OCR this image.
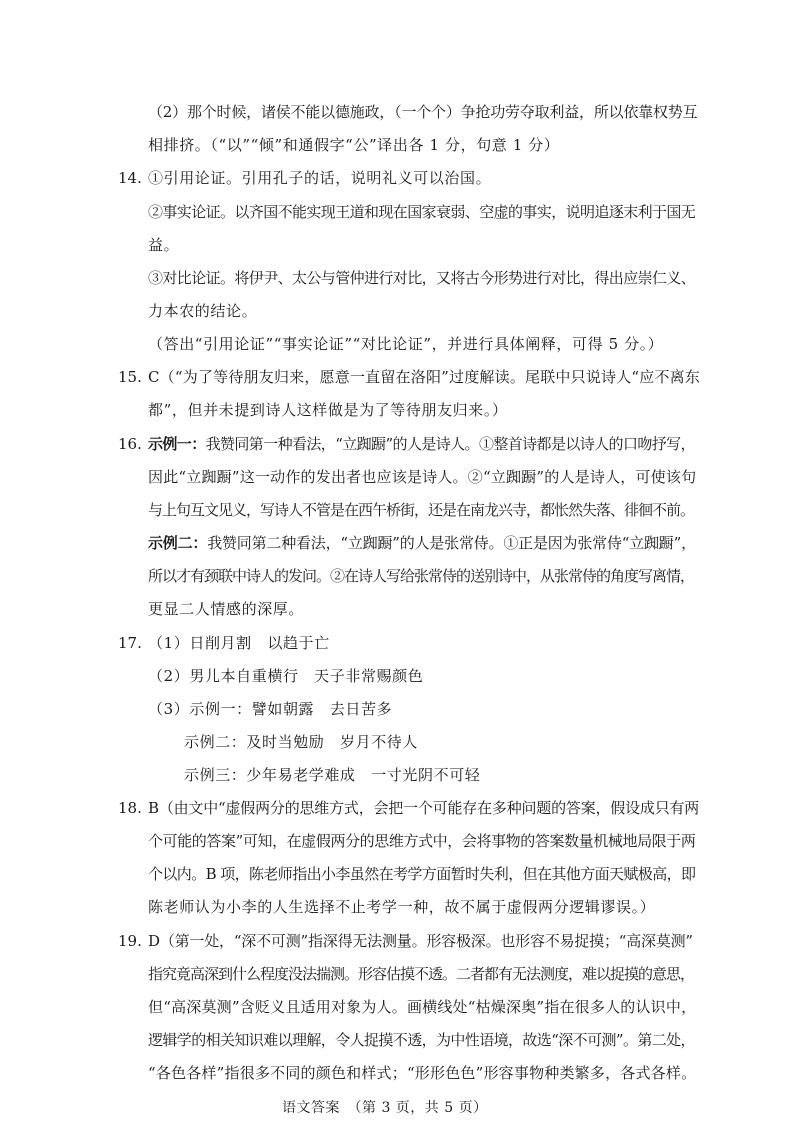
（2）那个时候，诸侯不能以德施政，（一个个）争抢功劳夺取利益，所以依靠权势互
相排挤。（“以”“倾”和通假字“公”译出各 1 分，句意 1 分）
14. ①引用论证。引用孔子的话，说明礼义可以治国。
②事实论证。以齐国不能实现王道和现在国家衰弱、空虚的事实，说明追逐末利于国无
益。
③对比论证。将伊尹、太公与管仲进行对比，又将古今形势进行对比，得出应崇仁义、
力本农的结论。
（答出“引用论证”“事实论证”“对比论证”，并进行具体阐释，可得 5 分。）
15. C（“为了等待朋友归来，愿意一直留在洛阳”过度解读。尾联中只说诗人“应不离东
都”，但并未提到诗人这样做是为了等待朋友归来。）
16. 示例一：我赞同第一种看法，“立踟蹰”的人是诗人。①整首诗都是以诗人的口吻抒写，
因此“立踟蹰”这一动作的发出者也应该是诗人。②“立踟蹰”的人是诗人，可使该句
与上句互文见义，写诗人不管是在西午桥街，还是在南龙兴寺，都怅然失落、徘徊不前。
示例二：我赞同第二种看法，“立踟蹰”的人是张常侍。①正是因为张常侍“立踟蹰”，
所以才有颈联中诗人的发问。②在诗人写给张常侍的送别诗中，从张常侍的角度写离情，
更显二人情感的深厚。
17. （1）日削月割　以趋于亡
（2）男儿本自重横行　天子非常赐颜色
（3）示例一：譬如朝露　去日苦多
示例二：及时当勉励　岁月不待人
示例三：少年易老学难成　一寸光阴不可轻
18. B（由文中“虚假两分的思维方式，会把一个可能存在多种问题的答案，假设成只有两
个可能的答案”可知，在虚假两分的思维方式中，会将事物的答案数量机械地局限于两
个以内。B 项，陈老师指出小李虽然在考学方面暂时失利，但在其他方面天赋极高，即
陈老师认为小李的人生选择不止考学一种，故不属于虚假两分逻辑谬误。）
19. D（第一处，“深不可测”指深得无法测量。形容极深。也形容不易捉摸；“高深莫测”
指究竟高深到什么程度没法揣测。形容估摸不透。二者都有无法测度，难以捉摸的意思，
但“高深莫测”含贬义且适用对象为人。画横线处“枯燥深奥”指在很多人的认识中，
逻辑学的相关知识难以理解，令人捉摸不透，为中性语境，故选“深不可测”。第二处，
“各色各样”指很多不同的颜色和样式；“形形色色”形容事物种类繁多，各式各样。
语文答案　（第 3 页，共 5 页）
